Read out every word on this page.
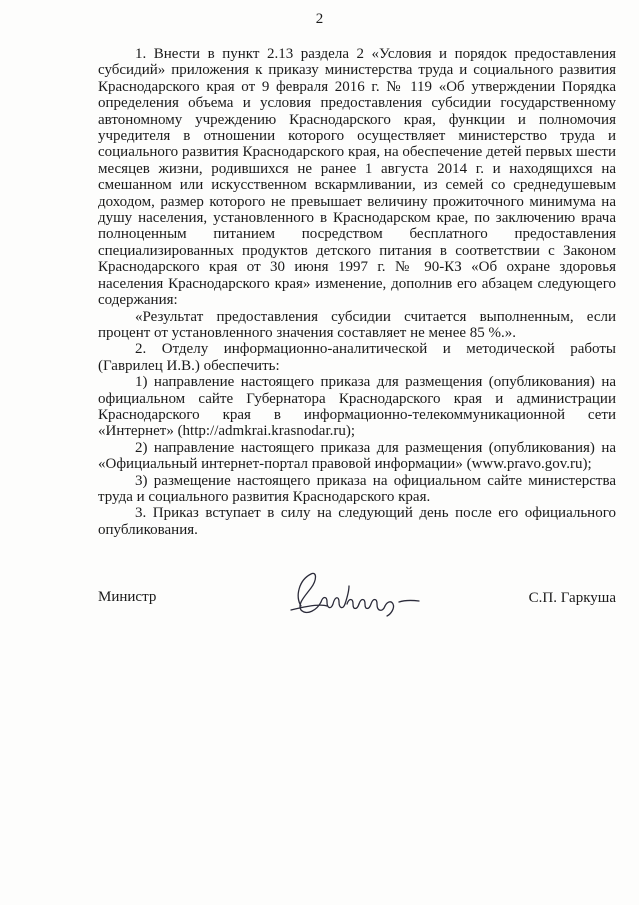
2

1. Внести в пункт 2.13 раздела 2 «Условия и порядок предоставления субсидий» приложения к приказу министерства труда и социального развития Краснодарского края от 9 февраля 2016 г. № 119 «Об утверждении Порядка определения объема и условия предоставления субсидии государственному автономному учреждению Краснодарского края, функции и полномочия учредителя в отношении которого осуществляет министерство труда и социального развития Краснодарского края, на обеспечение детей первых шести месяцев жизни, родившихся не ранее 1 августа 2014 г. и находящихся на смешанном или искусственном вскармливании, из семей со среднедушевым доходом, размер которого не превышает величину прожиточного минимума на душу населения, установленного в Краснодарском крае, по заключению врача полноценным питанием посредством бесплатного предоставления специализированных продуктов детского питания в соответствии с Законом Краснодарского края от 30 июня 1997 г. № 90-КЗ «Об охране здоровья населения Краснодарского края» изменение, дополнив его абзацем следующего содержания:

«Результат предоставления субсидии считается выполненным, если процент от установленного значения составляет не менее 85 %.».

2. Отделу информационно-аналитической и методической работы (Гаврилец И.В.) обеспечить:

1) направление настоящего приказа для размещения (опубликования) на официальном сайте Губернатора Краснодарского края и администрации Краснодарского края в информационно-телекоммуникационной сети «Интернет» (http://admkrai.krasnodar.ru);

2) направление настоящего приказа для размещения (опубликования) на «Официальный интернет-портал правовой информации» (www.pravo.gov.ru);

3) размещение настоящего приказа на официальном сайте министерства труда и социального развития Краснодарского края.

3. Приказ вступает в силу на следующий день после его официального опубликования.

Министр	С.П. Гаркуша
